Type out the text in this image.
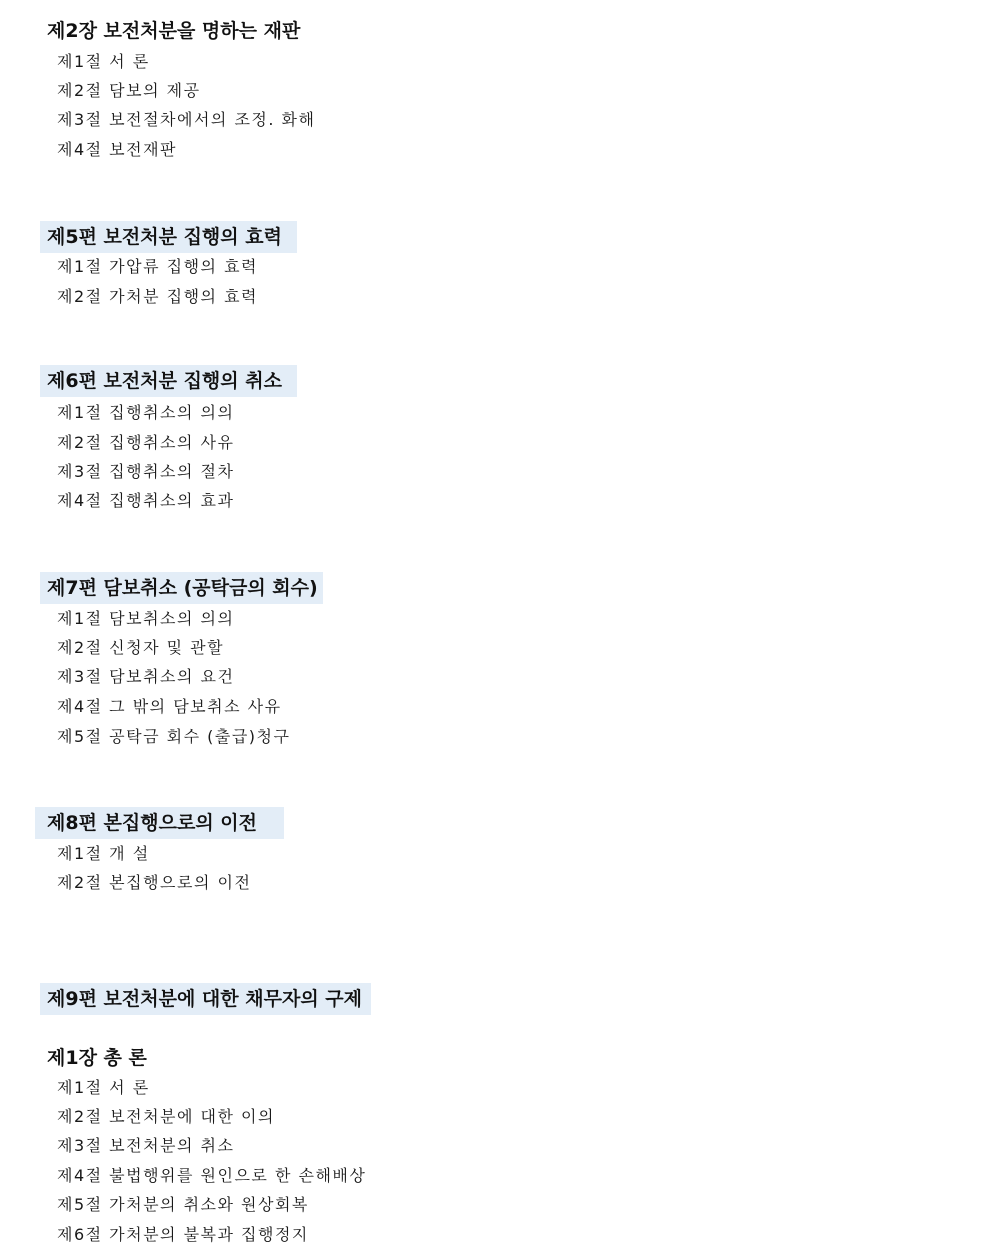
제2장 보전처분을 명하는 재판
제1절 서 론
제2절 담보의 제공
제3절 보전절차에서의 조정. 화해
제4절 보전재판
제5편 보전처분 집행의 효력
제1절 가압류 집행의 효력
제2절 가처분 집행의 효력
제6편 보전처분 집행의 취소
제1절 집행취소의 의의
제2절 집행취소의 사유
제3절 집행취소의 절차
제4절 집행취소의 효과
제7편 담보취소 (공탁금의 회수)
제1절 담보취소의 의의
제2절 신청자 및 관할
제3절 담보취소의 요건
제4절 그 밖의 담보취소 사유
제5절 공탁금 회수 (출급)청구
제8편 본집행으로의 이전
제1절 개 설
제2절 본집행으로의 이전
제9편 보전처분에 대한 채무자의 구제
제1장 총 론
제1절 서 론
제2절 보전처분에 대한 이의
제3절 보전처분의 취소
제4절 불법행위를 원인으로 한 손해배상
제5절 가처분의 취소와 원상회복
제6절 가처분의 불복과 집행정지
